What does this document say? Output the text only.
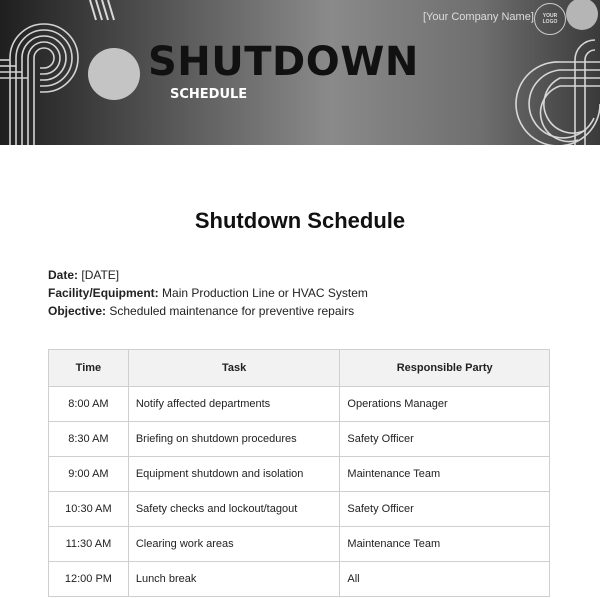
SHUTDOWN
SCHEDULE
[Your Company Name] YOUR
LOGO
Shutdown Schedule
Date: [DATE]
Facility/Equipment: Main Production Line or HVAC System
Objective: Scheduled maintenance for preventive repairs
Time	Task	Responsible Party
8:00 AM	Notify affected departments	Operations Manager
8:30 AM	Briefing on shutdown procedures	Safety Officer
9:00 AM	Equipment shutdown and isolation	Maintenance Team
10:30 AM	Safety checks and lockout/tagout	Safety Officer
11:30 AM	Clearing work areas	Maintenance Team
12:00 PM	Lunch break	All
